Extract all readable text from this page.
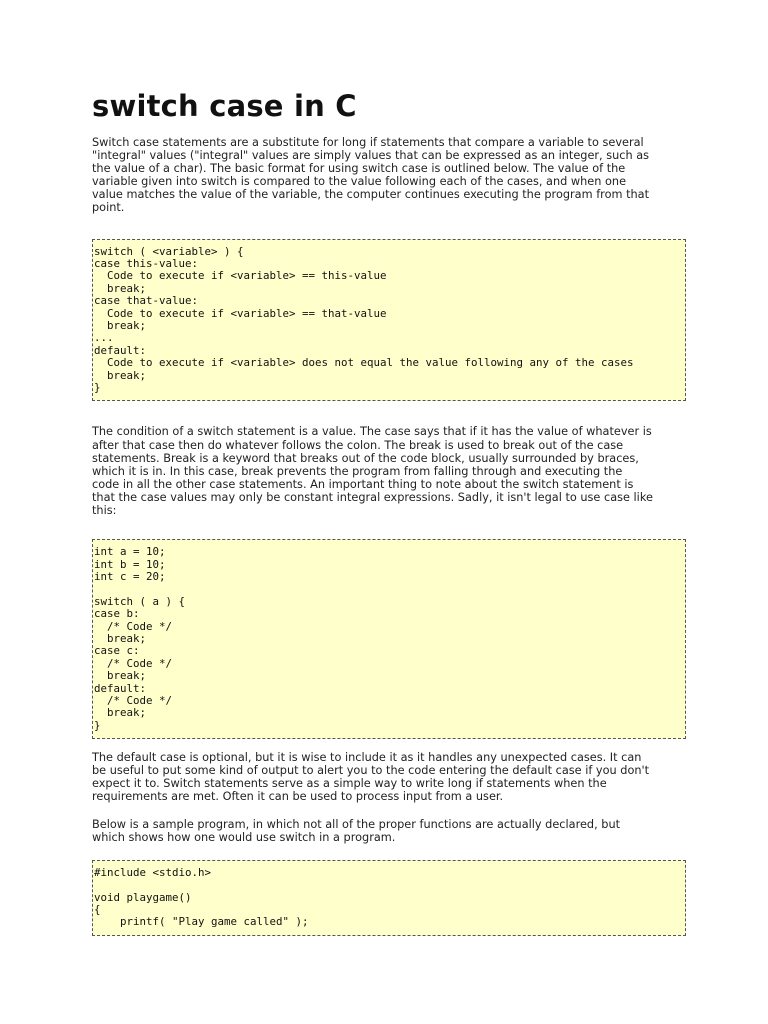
switch case in C

Switch case statements are a substitute for long if statements that compare a variable to several
"integral" values ("integral" values are simply values that can be expressed as an integer, such as
the value of a char). The basic format for using switch case is outlined below. The value of the
variable given into switch is compared to the value following each of the cases, and when one
value matches the value of the variable, the computer continues executing the program from that
point.

switch ( <variable> ) {
case this-value:
Code to execute if <variable> == this-value
break;
case that-value:
Code to execute if <variable> == that-value
break;
...
default:
Code to execute if <variable> does not equal the value following any of the cases
break;
}

The condition of a switch statement is a value. The case says that if it has the value of whatever is
after that case then do whatever follows the colon. The break is used to break out of the case
statements. Break is a keyword that breaks out of the code block, usually surrounded by braces,
which it is in. In this case, break prevents the program from falling through and executing the
code in all the other case statements. An important thing to note about the switch statement is
that the case values may only be constant integral expressions. Sadly, it isn't legal to use case like
this:

int a = 10;
int b = 10;
int c = 20;

switch ( a ) {
case b:
/* Code */
break;
case c:
/* Code */
break;
default:
/* Code */
break;
}

The default case is optional, but it is wise to include it as it handles any unexpected cases. It can
be useful to put some kind of output to alert you to the code entering the default case if you don't
expect it to. Switch statements serve as a simple way to write long if statements when the
requirements are met. Often it can be used to process input from a user.

Below is a sample program, in which not all of the proper functions are actually declared, but
which shows how one would use switch in a program.

#include <stdio.h>

void playgame()
{
printf( "Play game called" );
